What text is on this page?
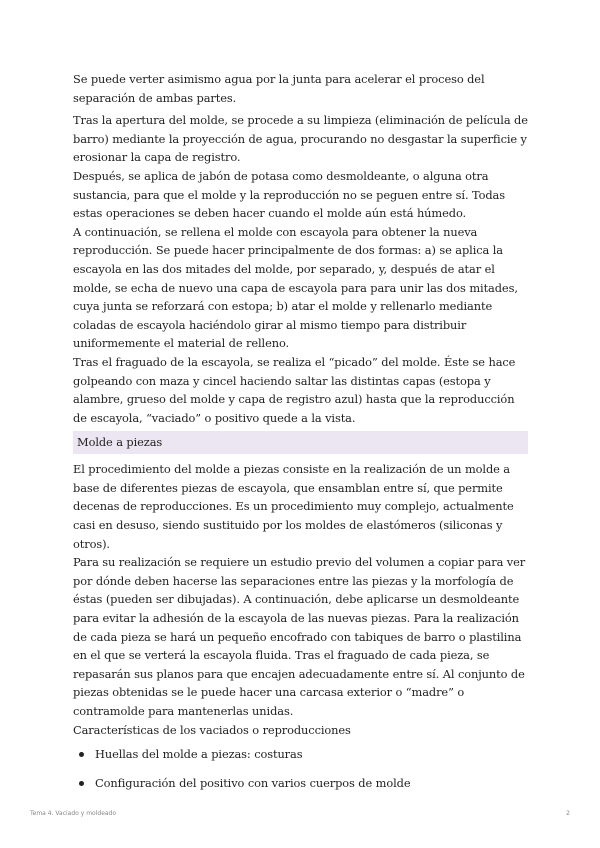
Se puede verter asimismo agua por la junta para acelerar el proceso del separación de ambas partes.

Tras la apertura del molde, se procede a su limpieza (eliminación de película de barro) mediante la proyección de agua, procurando no desgastar la superficie y erosionar la capa de registro.

Después, se aplica de jabón de potasa como desmoldeante, o alguna otra sustancia, para que el molde y la reproducción no se peguen entre sí. Todas estas operaciones se deben hacer cuando el molde aún está húmedo.

A continuación, se rellena el molde con escayola para obtener la nueva reproducción. Se puede hacer principalmente de dos formas: a) se aplica la escayola en las dos mitades del molde, por separado, y, después de atar el molde, se echa de nuevo una capa de escayola para para unir las dos mitades, cuya junta se reforzará con estopa; b) atar el molde y rellenarlo mediante coladas de escayola haciéndolo girar al mismo tiempo para distribuir uniformemente el material de relleno.

Tras el fraguado de la escayola, se realiza el “picado” del molde. Éste se hace golpeando con maza y cincel haciendo saltar las distintas capas (estopa y alambre, grueso del molde y capa de registro azul) hasta que la reproducción de escayola, “vaciado” o positivo quede a la vista.

Molde a piezas

El procedimiento del molde a piezas consiste en la realización de un molde a base de diferentes piezas de escayola, que ensamblan entre sí, que permite decenas de reproducciones. Es un procedimiento muy complejo, actualmente casi en desuso, siendo sustituido por los moldes de elastómeros (siliconas y otros).

Para su realización se requiere un estudio previo del volumen a copiar para ver por dónde deben hacerse las separaciones entre las piezas y la morfología de éstas (pueden ser dibujadas). A continuación, debe aplicarse un desmoldeante para evitar la adhesión de la escayola de las nuevas piezas. Para la realización de cada pieza se hará un pequeño encofrado con tabiques de barro o plastilina en el que se verterá la escayola fluida. Tras el fraguado de cada pieza, se repasarán sus planos para que encajen adecuadamente entre sí. Al conjunto de piezas obtenidas se le puede hacer una carcasa exterior o “madre” o contramolde para mantenerlas unidas.

Características de los vaciados o reproducciones

Huellas del molde a piezas: costuras
Configuración del positivo con varios cuerpos de molde
Tema 4. Vaciado y moldeado	2
